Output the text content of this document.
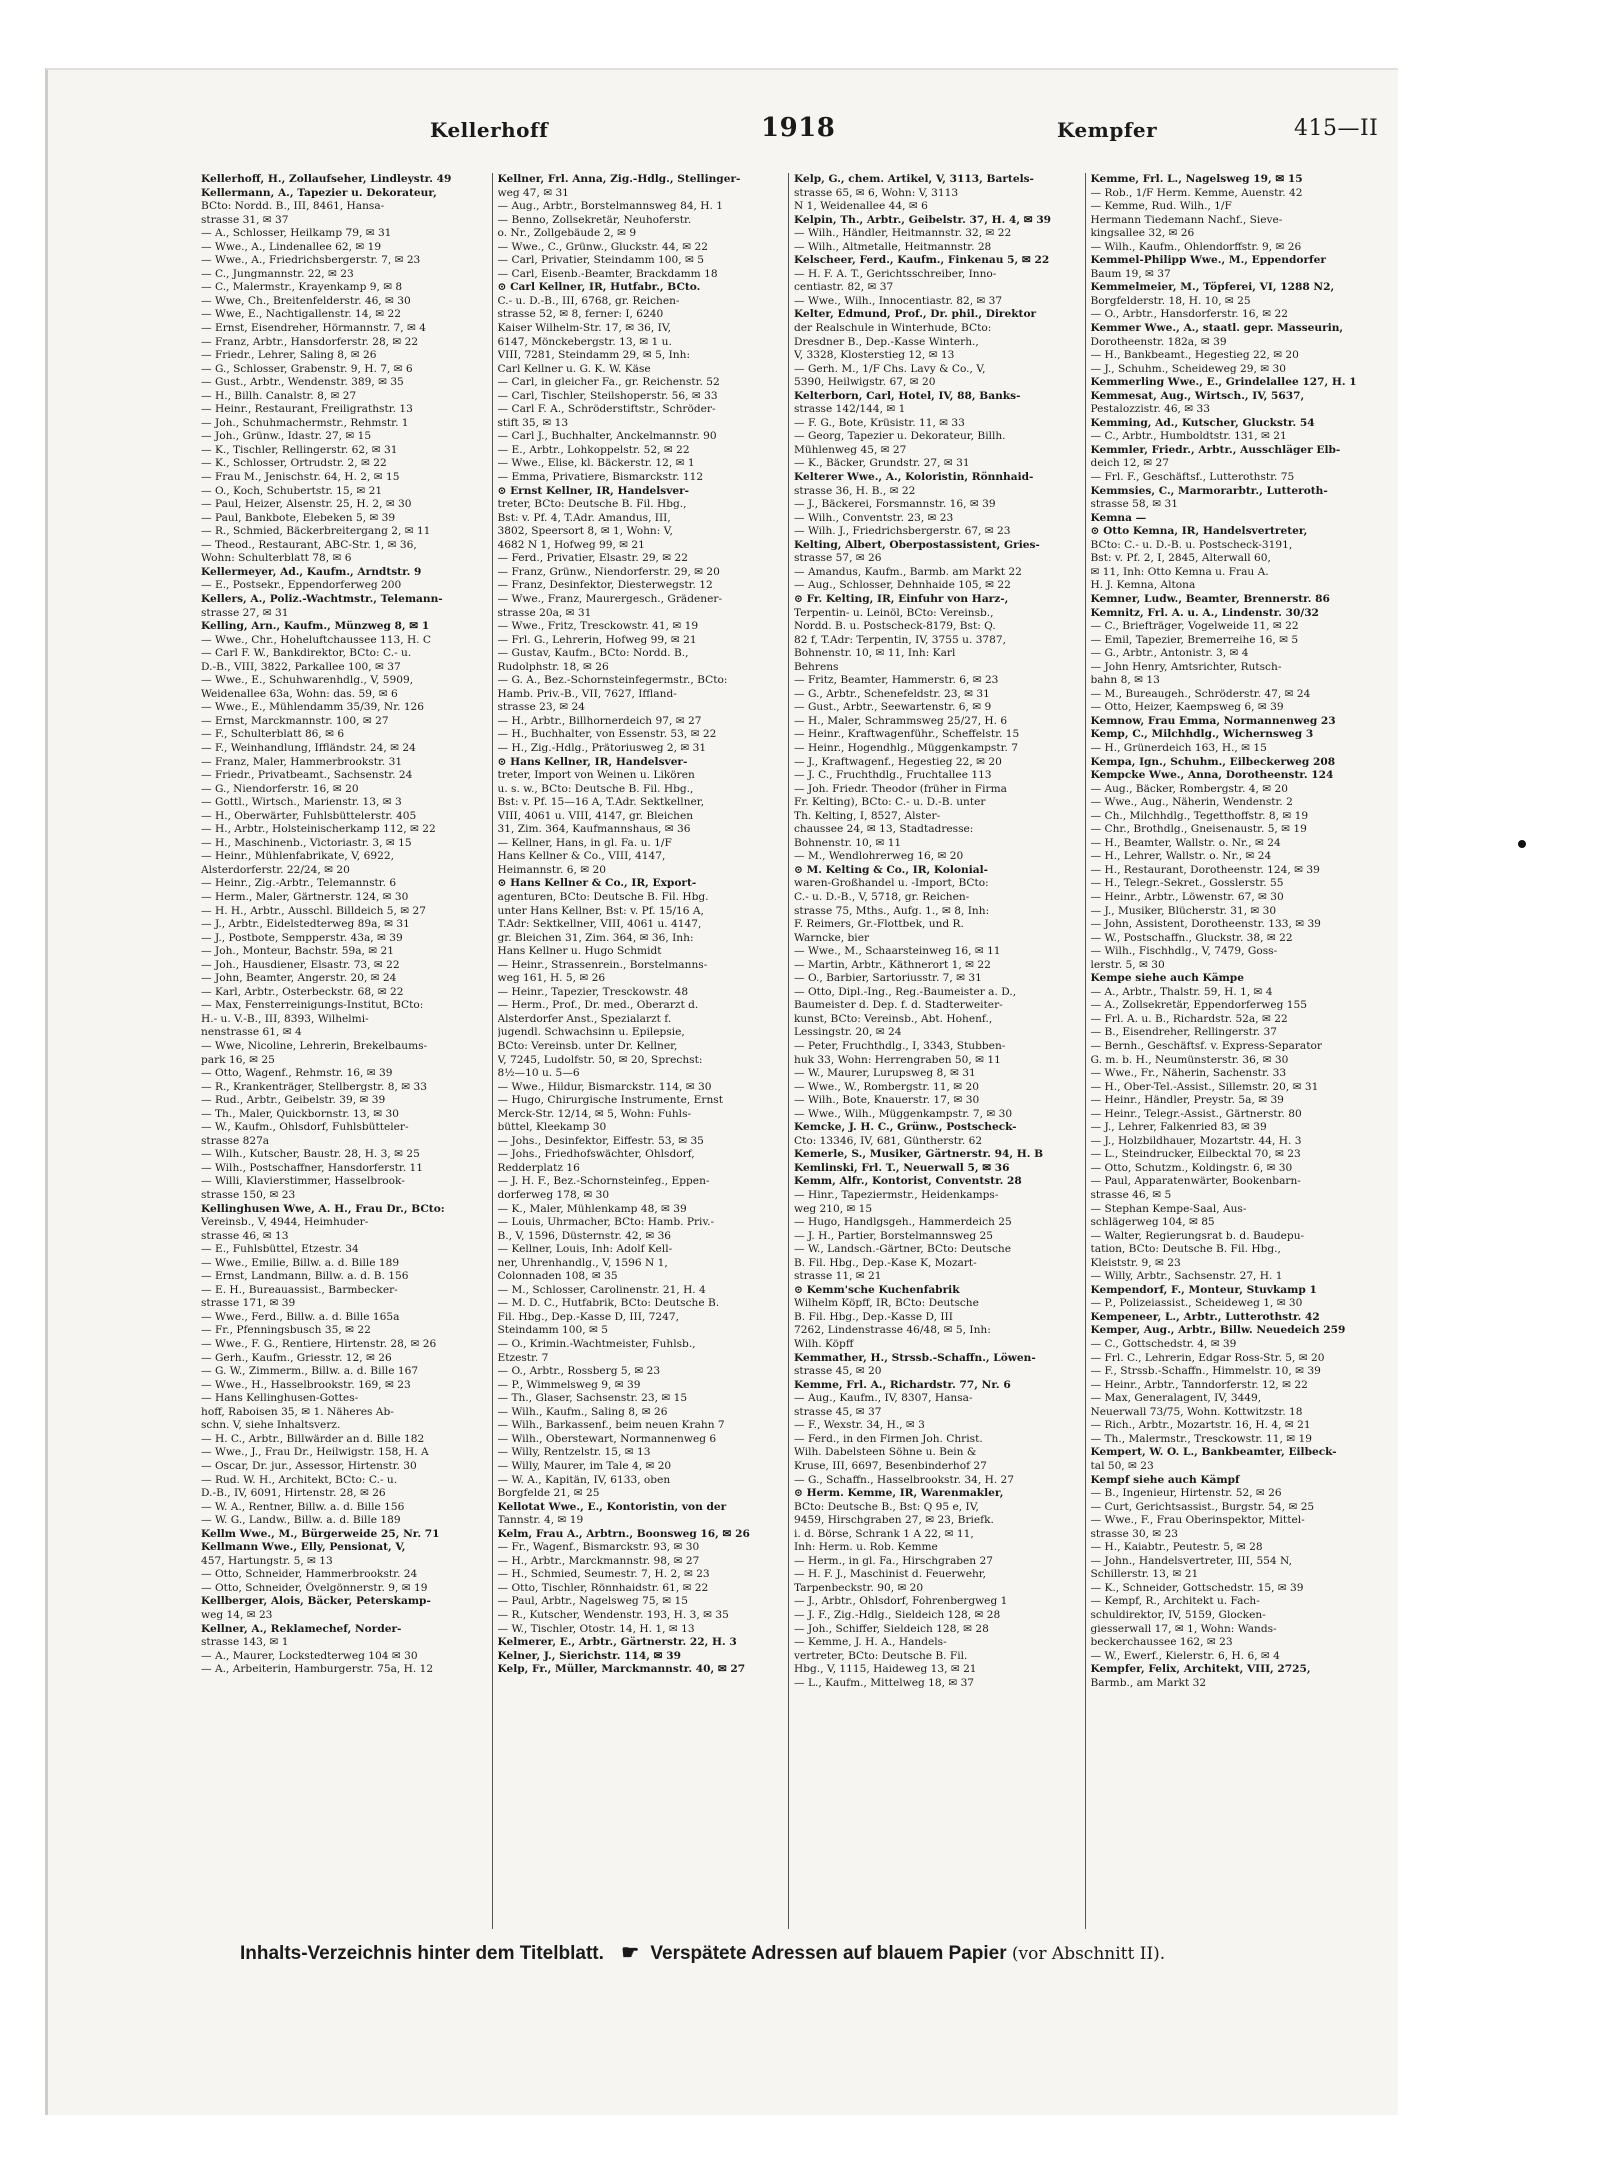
Kellerhoff	1918	Kempfer	415—II
Kellerhoff, H., Zollaufseher, Lindleystr. 49
Kellermann, A., Tapezier u. Dekorateur,
BCto: Nordd. B., III, 8461, Hansa-
strasse 31, ✉ 37
— A., Schlosser, Heilkamp 79, ✉ 31
— Wwe., A., Lindenallee 62, ✉ 19
— Wwe., A., Friedrichsbergerstr. 7, ✉ 23
— C., Jungmannstr. 22, ✉ 23
— C., Malermstr., Krayenkamp 9, ✉ 8
— Wwe, Ch., Breitenfelderstr. 46, ✉ 30
— Wwe, E., Nachtigallenstr. 14, ✉ 22
— Ernst, Eisendreher, Hörmannstr. 7, ✉ 4
— Franz, Arbtr., Hansdorferstr. 28, ✉ 22
— Friedr., Lehrer, Saling 8, ✉ 26
— G., Schlosser, Grabenstr. 9, H. 7, ✉ 6
— Gust., Arbtr., Wendenstr. 389, ✉ 35
— H., Billh. Canalstr. 8, ✉ 27
— Heinr., Restaurant, Freiligrathstr. 13
— Joh., Schuhmachermstr., Rehmstr. 1
— Joh., Grünw., Idastr. 27, ✉ 15
— K., Tischler, Rellingerstr. 62, ✉ 31
— K., Schlosser, Ortrudstr. 2, ✉ 22
— Frau M., Jenischstr. 64, H. 2, ✉ 15
— O., Koch, Schubertstr. 15, ✉ 21
— Paul, Heizer, Alsenstr. 25, H. 2, ✉ 30
— Paul, Bankbote, Elebeken 5, ✉ 39
— R., Schmied, Bäckerbreitergang 2, ✉ 11
— Theod., Restaurant, ABC-Str. 1, ✉ 36,
Wohn: Schulterblatt 78, ✉ 6
Kellermeyer, Ad., Kaufm., Arndtstr. 9
— E., Postsekr., Eppendorferweg 200
Kellers, A., Poliz.-Wachtmstr., Telemann-
strasse 27, ✉ 31
Kelling, Arn., Kaufm., Münzweg 8, ✉ 1
— Wwe., Chr., Hoheluftchaussee 113, H. C
— Carl F. W., Bankdirektor, BCto: C.- u.
D.-B., VIII, 3822, Parkallee 100, ✉ 37
— Wwe., E., Schuhwarenhdlg., V, 5909,
Weidenallee 63a, Wohn: das. 59, ✉ 6
— Wwe., E., Mühlendamm 35/39, Nr. 126
— Ernst, Marckmannstr. 100, ✉ 27
— F., Schulterblatt 86, ✉ 6
— F., Weinhandlung, Iffländstr. 24, ✉ 24
— Franz, Maler, Hammerbrookstr. 31
— Friedr., Privatbeamt., Sachsenstr. 24
— G., Niendorferstr. 16, ✉ 20
— Gottl., Wirtsch., Marienstr. 13, ✉ 3
— H., Oberwärter, Fuhlsbüttelerstr. 405
— H., Arbtr., Holsteinischerkamp 112, ✉ 22
— H., Maschinenb., Victoriastr. 3, ✉ 15
— Heinr., Mühlenfabrikate, V, 6922,
Alsterdorferstr. 22/24, ✉ 20
— Heinr., Zig.-Arbtr., Telemannstr. 6
— Herm., Maler, Gärtnerstr. 124, ✉ 30
— H. H., Arbtr., Ausschl. Billdeich 5, ✉ 27
— J., Arbtr., Eidelstedterweg 89a, ✉ 31
— J., Postbote, Sempperstr. 43a, ✉ 39
— Joh., Monteur, Bachstr. 59a, ✉ 21
— Joh., Hausdiener, Elsastr. 73, ✉ 22
— John, Beamter, Angerstr. 20, ✉ 24
— Karl, Arbtr., Osterbeckstr. 68, ✉ 22
— Max, Fensterreinigungs-Institut, BCto:
H.- u. V.-B., III, 8393, Wilhelmi-
nenstrasse 61, ✉ 4
— Wwe, Nicoline, Lehrerin, Brekelbaums-
park 16, ✉ 25
— Otto, Wagenf., Rehmstr. 16, ✉ 39
— R., Krankenträger, Stellbergstr. 8, ✉ 33
— Rud., Arbtr., Geibelstr. 39, ✉ 39
— Th., Maler, Quickbornstr. 13, ✉ 30
— W., Kaufm., Ohlsdorf, Fuhlsbütteler-
strasse 827a
— Wilh., Kutscher, Baustr. 28, H. 3, ✉ 25
— Wilh., Postschaffner, Hansdorferstr. 11
— Willi, Klavierstimmer, Hasselbrook-
strasse 150, ✉ 23
Kellinghusen Wwe, A. H., Frau Dr., BCto:
Vereinsb., V, 4944, Heimhuder-
strasse 46, ✉ 13
— E., Fuhlsbüttel, Etzestr. 34
— Wwe., Emilie, Billw. a. d. Bille 189
— Ernst, Landmann, Billw. a. d. B. 156
— E. H., Bureauassist., Barmbecker-
strasse 171, ✉ 39
— Wwe., Ferd., Billw. a. d. Bille 165a
— Fr., Pfenningsbusch 35, ✉ 22
— Wwe., F. G., Rentiere, Hirtenstr. 28, ✉ 26
— Gerh., Kaufm., Griesstr. 12, ✉ 26
— G. W., Zimmerm., Billw. a. d. Bille 167
— Wwe., H., Hasselbrookstr. 169, ✉ 23
— Hans Kellinghusen-Gottes-
hoff, Raboisen 35, ✉ 1. Näheres Ab-
schn. V, siehe Inhaltsverz.
— H. C., Arbtr., Billwärder an d. Bille 182
— Wwe., J., Frau Dr., Heilwigstr. 158, H. A
— Oscar, Dr. jur., Assessor, Hirtenstr. 30
— Rud. W. H., Architekt, BCto: C.- u.
D.-B., IV, 6091, Hirtenstr. 28, ✉ 26
— W. A., Rentner, Billw. a. d. Bille 156
— W. G., Landw., Billw. a. d. Bille 189
Kellm Wwe., M., Bürgerweide 25, Nr. 71
Kellmann Wwe., Elly, Pensionat, V,
457, Hartungstr. 5, ✉ 13
— Otto, Schneider, Hammerbrookstr. 24
— Otto, Schneider, Övelgönnerstr. 9, ✉ 19
Kellberger, Alois, Bäcker, Peterskamp-
weg 14, ✉ 23
Kellner, A., Reklamechef, Norder-
strasse 143, ✉ 1
— A., Maurer, Lockstedterweg 104 ✉ 30
— A., Arbeiterin, Hamburgerstr. 75a, H. 12
Kellner, Frl. Anna, Zig.-Hdlg., Stellinger-
weg 47, ✉ 31
— Aug., Arbtr., Borstelmannsweg 84, H. 1
— Benno, Zollsekretär, Neuhoferstr.
o. Nr., Zollgebäude 2, ✉ 9
— Wwe., C., Grünw., Gluckstr. 44, ✉ 22
— Carl, Privatier, Steindamm 100, ✉ 5
— Carl, Eisenb.-Beamter, Brackdamm 18
⊙ Carl Kellner, IR, Hutfabr., BCto.
C.- u. D.-B., III, 6768, gr. Reichen-
strasse 52, ✉ 8, ferner: I, 6240
Kaiser Wilhelm-Str. 17, ✉ 36, IV,
6147, Mönckebergstr. 13, ✉ 1 u.
VIII, 7281, Steindamm 29, ✉ 5, Inh:
Carl Kellner u. G. K. W. Käse
— Carl, in gleicher Fa., gr. Reichenstr. 52
— Carl, Tischler, Steilshoperstr. 56, ✉ 33
— Carl F. A., Schröderstiftstr., Schröder-
stift 35, ✉ 13
— Carl J., Buchhalter, Anckelmannstr. 90
— E., Arbtr., Lohkoppelstr. 52, ✉ 22
— Wwe., Elise, kl. Bäckerstr. 12, ✉ 1
— Emma, Privatiere, Bismarckstr. 112
⊙ Ernst Kellner, IR, Handelsver-
treter, BCto: Deutsche B. Fil. Hbg.,
Bst: v. Pf. 4, T.Adr. Amandus, III,
3802, Speersort 8, ✉ 1, Wohn: V,
4682 N 1, Hofweg 99, ✉ 21
— Ferd., Privatier, Elsastr. 29, ✉ 22
— Franz, Grünw., Niendorferstr. 29, ✉ 20
— Franz, Desinfektor, Diesterwegstr. 12
— Wwe., Franz, Maurergesch., Grädener-
strasse 20a, ✉ 31
— Wwe., Fritz, Tresckowstr. 41, ✉ 19
— Frl. G., Lehrerin, Hofweg 99, ✉ 21
— Gustav, Kaufm., BCto: Nordd. B.,
Rudolphstr. 18, ✉ 26
— G. A., Bez.-Schornsteinfegermstr., BCto:
Hamb. Priv.-B., VII, 7627, Iffland-
strasse 23, ✉ 24
— H., Arbtr., Billhornerdeich 97, ✉ 27
— H., Buchhalter, von Essenstr. 53, ✉ 22
— H., Zig.-Hdlg., Prätoriusweg 2, ✉ 31
⊙ Hans Kellner, IR, Handelsver-
treter, Import von Weinen u. Likören
u. s. w., BCto: Deutsche B. Fil. Hbg.,
Bst: v. Pf. 15—16 A, T.Adr. Sektkellner,
VIII, 4061 u. VIII, 4147, gr. Bleichen
31, Zim. 364, Kaufmannshaus, ✉ 36
— Kellner, Hans, in gl. Fa. u. 1/F
Hans Kellner & Co., VIII, 4147,
Heimannstr. 6, ✉ 20
⊙ Hans Kellner & Co., IR, Export-
agenturen, BCto: Deutsche B. Fil. Hbg.
unter Hans Kellner, Bst: v. Pf. 15/16 A,
T.Adr: Sektkellner, VIII, 4061 u. 4147,
gr. Bleichen 31, Zim. 364, ✉ 36, Inh:
Hans Kellner u. Hugo Schmidt
— Heinr., Strassenrein., Borstelmanns-
weg 161, H. 5, ✉ 26
— Heinr., Tapezier, Tresckowstr. 48
— Herm., Prof., Dr. med., Oberarzt d.
Alsterdorfer Anst., Spezialarzt f.
jugendl. Schwachsinn u. Epilepsie,
BCto: Vereinsb. unter Dr. Kellner,
V, 7245, Ludolfstr. 50, ✉ 20, Sprechst:
8½—10 u. 5—6
— Wwe., Hildur, Bismarckstr. 114, ✉ 30
— Hugo, Chirurgische Instrumente, Ernst
Merck-Str. 12/14, ✉ 5, Wohn: Fuhls-
büttel, Kleekamp 30
— Johs., Desinfektor, Eiffestr. 53, ✉ 35
— Johs., Friedhofswächter, Ohlsdorf,
Redderplatz 16
— J. H. F., Bez.-Schornsteinfeg., Eppen-
dorferweg 178, ✉ 30
— K., Maler, Mühlenkamp 48, ✉ 39
— Louis, Uhrmacher, BCto: Hamb. Priv.-
B., V, 1596, Düsternstr. 42, ✉ 36
— Kellner, Louis, Inh: Adolf Kell-
ner, Uhrenhandlg., V, 1596 N 1,
Colonnaden 108, ✉ 35
— M., Schlosser, Carolinenstr. 21, H. 4
— M. D. C., Hutfabrik, BCto: Deutsche B.
Fil. Hbg., Dep.-Kasse D, III, 7247,
Steindamm 100, ✉ 5
— O., Krimin.-Wachtmeister, Fuhlsb.,
Etzestr. 7
— O., Arbtr., Rossberg 5, ✉ 23
— P., Wimmelsweg 9, ✉ 39
— Th., Glaser, Sachsenstr. 23, ✉ 15
— Wilh., Kaufm., Saling 8, ✉ 26
— Wilh., Barkassenf., beim neuen Krahn 7
— Wilh., Oberstewart, Normannenweg 6
— Willy, Rentzelstr. 15, ✉ 13
— Willy, Maurer, im Tale 4, ✉ 20
— W. A., Kapitän, IV, 6133, oben
Borgfelde 21, ✉ 25
Kellotat Wwe., E., Kontoristin, von der
Tannstr. 4, ✉ 19
Kelm, Frau A., Arbtrn., Boonsweg 16, ✉ 26
— Fr., Wagenf., Bismarckstr. 93, ✉ 30
— H., Arbtr., Marckmannstr. 98, ✉ 27
— H., Schmied, Seumestr. 7, H. 2, ✉ 23
— Otto, Tischler, Rönnhaidstr. 61, ✉ 22
— Paul, Arbtr., Nagelsweg 75, ✉ 15
— R., Kutscher, Wendenstr. 193, H. 3, ✉ 35
— W., Tischler, Otostr. 14, H. 1, ✉ 13
Kelmerer, E., Arbtr., Gärtnerstr. 22, H. 3
Kelner, J., Sierichstr. 114, ✉ 39
Kelp, Fr., Müller, Marckmannstr. 40, ✉ 27
Kelp, G., chem. Artikel, V, 3113, Bartels-
strasse 65, ✉ 6, Wohn: V, 3113
N 1, Weidenallee 44, ✉ 6
Kelpin, Th., Arbtr., Geibelstr. 37, H. 4, ✉ 39
— Wilh., Händler, Heitmannstr. 32, ✉ 22
— Wilh., Altmetalle, Heitmannstr. 28
Kelscheer, Ferd., Kaufm., Finkenau 5, ✉ 22
— H. F. A. T., Gerichtsschreiber, Inno-
centiastr. 82, ✉ 37
— Wwe., Wilh., Innocentiastr. 82, ✉ 37
Kelter, Edmund, Prof., Dr. phil., Direktor
der Realschule in Winterhude, BCto:
Dresdner B., Dep.-Kasse Winterh.,
V, 3328, Klosterstieg 12, ✉ 13
— Gerh. M., 1/F Chs. Lavy & Co., V,
5390, Heilwigstr. 67, ✉ 20
Kelterborn, Carl, Hotel, IV, 88, Banks-
strasse 142/144, ✉ 1
— F. G., Bote, Krüsistr. 11, ✉ 33
— Georg, Tapezier u. Dekorateur, Billh.
Mühlenweg 45, ✉ 27
— K., Bäcker, Grundstr. 27, ✉ 31
Kelterer Wwe., A., Koloristin, Rönnhaid-
strasse 36, H. B., ✉ 22
— J., Bäckerei, Forsmannstr. 16, ✉ 39
— Wilh., Conventstr. 23, ✉ 23
— Wilh. J., Friedrichsbergerstr. 67, ✉ 23
Kelting, Albert, Oberpostassistent, Gries-
strasse 57, ✉ 26
— Amandus, Kaufm., Barmb. am Markt 22
— Aug., Schlosser, Dehnhaide 105, ✉ 22
⊙ Fr. Kelting, IR, Einfuhr von Harz-,
Terpentin- u. Leinöl, BCto: Vereinsb.,
Nordd. B. u. Postscheck-8179, Bst: Q.
82 f, T.Adr: Terpentin, IV, 3755 u. 3787,
Bohnenstr. 10, ✉ 11, Inh: Karl
Behrens
— Fritz, Beamter, Hammerstr. 6, ✉ 23
— G., Arbtr., Schenefeldstr. 23, ✉ 31
— Gust., Arbtr., Seewartenstr. 6, ✉ 9
— H., Maler, Schrammsweg 25/27, H. 6
— Heinr., Kraftwagenführ., Scheffelstr. 15
— Heinr., Hogendhlg., Müggenkampstr. 7
— J., Kraftwagenf., Hegestieg 22, ✉ 20
— J. C., Fruchthdlg., Fruchtallee 113
— Joh. Friedr. Theodor (früher in Firma
Fr. Kelting), BCto: C.- u. D.-B. unter
Th. Kelting, I, 8527, Alster-
chaussee 24, ✉ 13, Stadtadresse:
Bohnenstr. 10, ✉ 11
— M., Wendlohrerweg 16, ✉ 20
⊙ M. Kelting & Co., IR, Kolonial-
waren-Großhandel u. -Import, BCto:
C.- u. D.-B., V, 5718, gr. Reichen-
strasse 75, Mths., Aufg. 1., ✉ 8, Inh:
F. Reimers, Gr.-Flottbek, und R.
Warncke, bier
— Wwe., M., Schaarsteinweg 16, ✉ 11
— Martin, Arbtr., Käthnerort 1, ✉ 22
— O., Barbier, Sartoriusstr. 7, ✉ 31
— Otto, Dipl.-Ing., Reg.-Baumeister a. D.,
Baumeister d. Dep. f. d. Stadterweiter-
kunst, BCto: Vereinsb., Abt. Hohenf.,
Lessingstr. 20, ✉ 24
— Peter, Fruchthdlg., I, 3343, Stubben-
huk 33, Wohn: Herrengraben 50, ✉ 11
— W., Maurer, Lurupsweg 8, ✉ 31
— Wwe., W., Rombergstr. 11, ✉ 20
— Wilh., Bote, Knauerstr. 17, ✉ 30
— Wwe., Wilh., Müggenkampstr. 7, ✉ 30
Kemcke, J. H. C., Grünw., Postscheck-
Cto: 13346, IV, 681, Güntherstr. 62
Kemerle, S., Musiker, Gärtnerstr. 94, H. B
Kemlinski, Frl. T., Neuerwall 5, ✉ 36
Kemm, Alfr., Kontorist, Conventstr. 28
— Hinr., Tapeziermstr., Heidenkamps-
weg 210, ✉ 15
— Hugo, Handlgsgeh., Hammerdeich 25
— J. H., Partier, Borstelmannsweg 25
— W., Landsch.-Gärtner, BCto: Deutsche
B. Fil. Hbg., Dep.-Kase K, Mozart-
strasse 11, ✉ 21
⊙ Kemm'sche Kuchenfabrik
Wilhelm Köpff, IR, BCto: Deutsche
B. Fil. Hbg., Dep.-Kasse D, III
7262, Lindenstrasse 46/48, ✉ 5, Inh:
Wilh. Köpff
Kemmather, H., Strssb.-Schaffn., Löwen-
strasse 45, ✉ 20
Kemme, Frl. A., Richardstr. 77, Nr. 6
— Aug., Kaufm., IV, 8307, Hansa-
strasse 45, ✉ 37
— F., Wexstr. 34, H., ✉ 3
— Ferd., in den Firmen Joh. Christ.
Wilh. Dabelsteen Söhne u. Bein &
Kruse, III, 6697, Besenbinderhof 27
— G., Schaffn., Hasselbrookstr. 34, H. 27
⊙ Herm. Kemme, IR, Warenmakler,
BCto: Deutsche B., Bst: Q 95 e, IV,
9459, Hirschgraben 27, ✉ 23, Briefk.
i. d. Börse, Schrank 1 A 22, ✉ 11,
Inh: Herm. u. Rob. Kemme
— Herm., in gl. Fa., Hirschgraben 27
— H. F. J., Maschinist d. Feuerwehr,
Tarpenbeckstr. 90, ✉ 20
— J., Arbtr., Ohlsdorf, Fohrenbergweg 1
— J. F., Zig.-Hdlg., Sieldeich 128, ✉ 28
— Joh., Schiffer, Sieldeich 128, ✉ 28
— Kemme, J. H. A., Handels-
vertreter, BCto: Deutsche B. Fil.
Hbg., V, 1115, Haideweg 13, ✉ 21
— L., Kaufm., Mittelweg 18, ✉ 37
Kemme, Frl. L., Nagelsweg 19, ✉ 15
— Rob., 1/F Herm. Kemme, Auenstr. 42
— Kemme, Rud. Wilh., 1/F
Hermann Tiedemann Nachf., Sieve-
kingsallee 32, ✉ 26
— Wilh., Kaufm., Ohlendorffstr. 9, ✉ 26
Kemmel-Philipp Wwe., M., Eppendorfer
Baum 19, ✉ 37
Kemmelmeier, M., Töpferei, VI, 1288 N2,
Borgfelderstr. 18, H. 10, ✉ 25
— O., Arbtr., Hansdorferstr. 16, ✉ 22
Kemmer Wwe., A., staatl. gepr. Masseurin,
Dorotheenstr. 182a, ✉ 39
— H., Bankbeamt., Hegestieg 22, ✉ 20
— J., Schuhm., Scheideweg 29, ✉ 30
Kemmerling Wwe., E., Grindelallee 127, H. 1
Kemmesat, Aug., Wirtsch., IV, 5637,
Pestalozzistr. 46, ✉ 33
Kemming, Ad., Kutscher, Gluckstr. 54
— C., Arbtr., Humboldtstr. 131, ✉ 21
Kemmler, Friedr., Arbtr., Ausschläger Elb-
deich 12, ✉ 27
— Frl. F., Geschäftsf., Lutterothstr. 75
Kemmsies, C., Marmorarbtr., Lutteroth-
strasse 58, ✉ 31
Kemna —
⊙ Otto Kemna, IR, Handelsvertreter,
BCto: C.- u. D.-B. u. Postscheck-3191,
Bst: v. Pf. 2, I, 2845, Alterwall 60,
✉ 11, Inh: Otto Kemna u. Frau A.
H. J. Kemna, Altona
Kemner, Ludw., Beamter, Brennerstr. 86
Kemnitz, Frl. A. u. A., Lindenstr. 30/32
— C., Briefträger, Vogelweide 11, ✉ 22
— Emil, Tapezier, Bremerreihe 16, ✉ 5
— G., Arbtr., Antonistr. 3, ✉ 4
— John Henry, Amtsrichter, Rutsch-
bahn 8, ✉ 13
— M., Bureaugeh., Schröderstr. 47, ✉ 24
— Otto, Heizer, Kaempsweg 6, ✉ 39
Kemnow, Frau Emma, Normannenweg 23
Kemp, C., Milchhdlg., Wichernsweg 3
— H., Grünerdeich 163, H., ✉ 15
Kempa, Ign., Schuhm., Eilbeckerweg 208
Kempcke Wwe., Anna, Dorotheenstr. 124
— Aug., Bäcker, Rombergstr. 4, ✉ 20
— Wwe., Aug., Näherin, Wendenstr. 2
— Ch., Milchhdlg., Tegetthoffstr. 8, ✉ 19
— Chr., Brothdlg., Gneisenaustr. 5, ✉ 19
— H., Beamter, Wallstr. o. Nr., ✉ 24
— H., Lehrer, Wallstr. o. Nr., ✉ 24
— H., Restaurant, Dorotheenstr. 124, ✉ 39
— H., Telegr.-Sekret., Gosslerstr. 55
— Heinr., Arbtr., Löwenstr. 67, ✉ 30
— J., Musiker, Blücherstr. 31, ✉ 30
— John, Assistent, Dorotheenstr. 133, ✉ 39
— W., Postschaffn., Gluckstr. 38, ✉ 22
— Wilh., Fischhdlg., V, 7479, Goss-
lerstr. 5, ✉ 30
Kempe siehe auch Kämpe
— A., Arbtr., Thalstr. 59, H. 1, ✉ 4
— A., Zollsekretär, Eppendorferweg 155
— Frl. A. u. B., Richardstr. 52a, ✉ 22
— B., Eisendreher, Rellingerstr. 37
— Bernh., Geschäftsf. v. Express-Separator
G. m. b. H., Neumünsterstr. 36, ✉ 30
— Wwe., Fr., Näherin, Sachenstr. 33
— H., Ober-Tel.-Assist., Sillemstr. 20, ✉ 31
— Heinr., Händler, Preystr. 5a, ✉ 39
— Heinr., Telegr.-Assist., Gärtnerstr. 80
— J., Lehrer, Falkenried 83, ✉ 39
— J., Holzbildhauer, Mozartstr. 44, H. 3
— L., Steindrucker, Eilbecktal 70, ✉ 23
— Otto, Schutzm., Koldingstr. 6, ✉ 30
— Paul, Apparatenwärter, Bookenbarn-
strasse 46, ✉ 5
— Stephan Kempe-Saal, Aus-
schlägerweg 104, ✉ 85
— Walter, Regierungsrat b. d. Baudepu-
tation, BCto: Deutsche B. Fil. Hbg.,
Kleiststr. 9, ✉ 23
— Willy, Arbtr., Sachsenstr. 27, H. 1
Kempendorf, F., Monteur, Stuvkamp 1
— P., Polizeiassist., Scheideweg 1, ✉ 30
Kempeneer, L., Arbtr., Lutterothstr. 42
Kemper, Aug., Arbtr., Billw. Neuedeich 259
— C., Gottschedstr. 4, ✉ 39
— Frl. C., Lehrerin, Edgar Ross-Str. 5, ✉ 20
— F., Strssb.-Schaffn., Himmelstr. 10, ✉ 39
— Heinr., Arbtr., Tanndorferstr. 12, ✉ 22
— Max, Generalagent, IV, 3449,
Neuerwall 73/75, Wohn. Kottwitzstr. 18
— Rich., Arbtr., Mozartstr. 16, H. 4, ✉ 21
— Th., Malermstr., Tresckowstr. 11, ✉ 19
Kempert, W. O. L., Bankbeamter, Eilbeck-
tal 50, ✉ 23
Kempf siehe auch Kämpf
— B., Ingenieur, Hirtenstr. 52, ✉ 26
— Curt, Gerichtsassist., Burgstr. 54, ✉ 25
— Wwe., F., Frau Oberinspektor, Mittel-
strasse 30, ✉ 23
— H., Kaiabtr., Peutestr. 5, ✉ 28
— John., Handelsvertreter, III, 554 N,
Schillerstr. 13, ✉ 21
— K., Schneider, Gottschedstr. 15, ✉ 39
— Kempf, R., Architekt u. Fach-
schuldirektor, IV, 5159, Glocken-
giesserwall 17, ✉ 1, Wohn: Wands-
beckerchaussee 162, ✉ 23
— W., Ewerf., Kielerstr. 6, H. 6, ✉ 4
Kempfer, Felix, Architekt, VIII, 2725,
Barmb., am Markt 32
Inhalts-Verzeichnis hinter dem Titelblatt. ☛ Verspätete Adressen auf blauem Papier (vor Abschnitt II).
